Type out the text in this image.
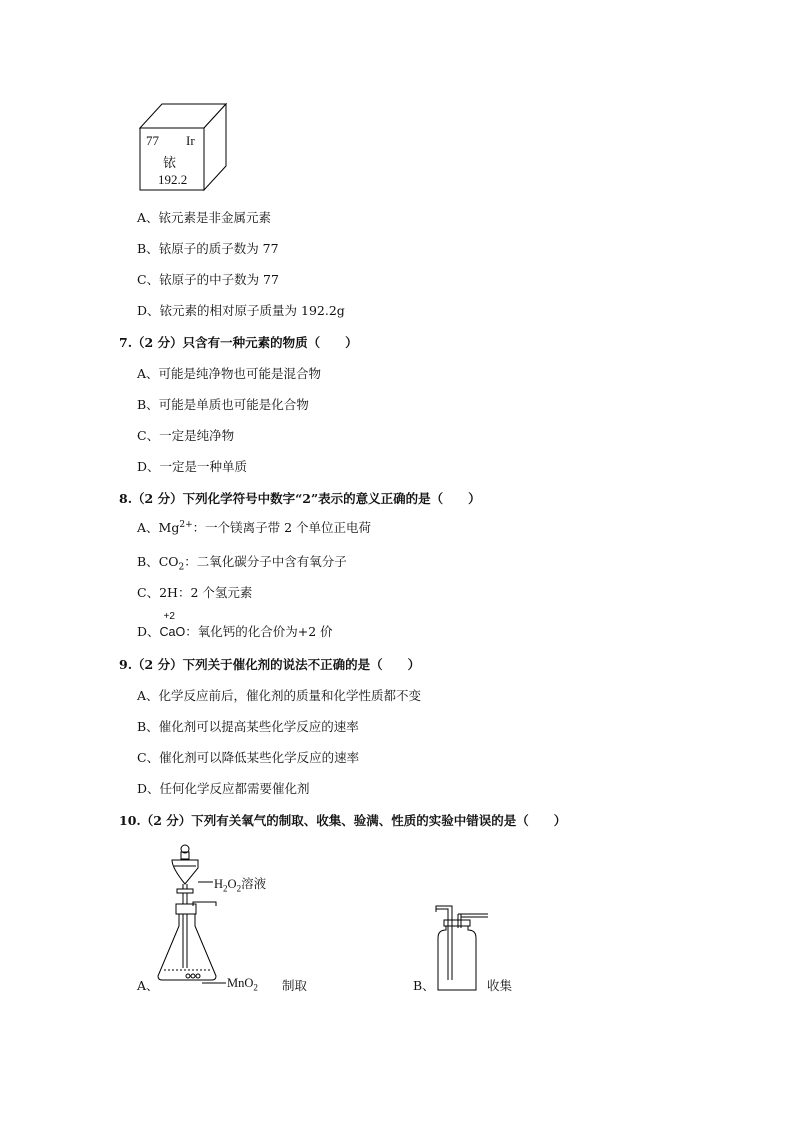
77 Ir
铱
192.2
A、铱元素是非金属元素
B、铱原子的质子数为 77
C、铱原子的中子数为 77
D、铱元素的相对原子质量为 192.2g
7.（2 分）只含有一种元素的物质（　　）
A、可能是纯净物也可能是混合物
B、可能是单质也可能是化合物
C、一定是纯净物
D、一定是一种单质
8.（2 分）下列化学符号中数字“2”表示的意义正确的是（　　）
A、$Mg^{2+}$：一个镁离子带 2 个单位正电荷
B、$CO_2$：二氧化碳分子中含有氧分子
C、2H：2 个氢元素
D、
+2
CaO：氧化钙的化合价为+2 价
9.（2 分）下列关于催化剂的说法不正确的是（　　）
A、化学反应前后，催化剂的质量和化学性质都不变
B、催化剂可以提高某些化学反应的速率
C、催化剂可以降低某些化学反应的速率
D、任何化学反应都需要催化剂
10.（2 分）下列有关氧气的制取、收集、验满、性质的实验中错误的是（　　）
$H_2O_2$溶液
MnO$_2$ 制取
A、	B、	收集
